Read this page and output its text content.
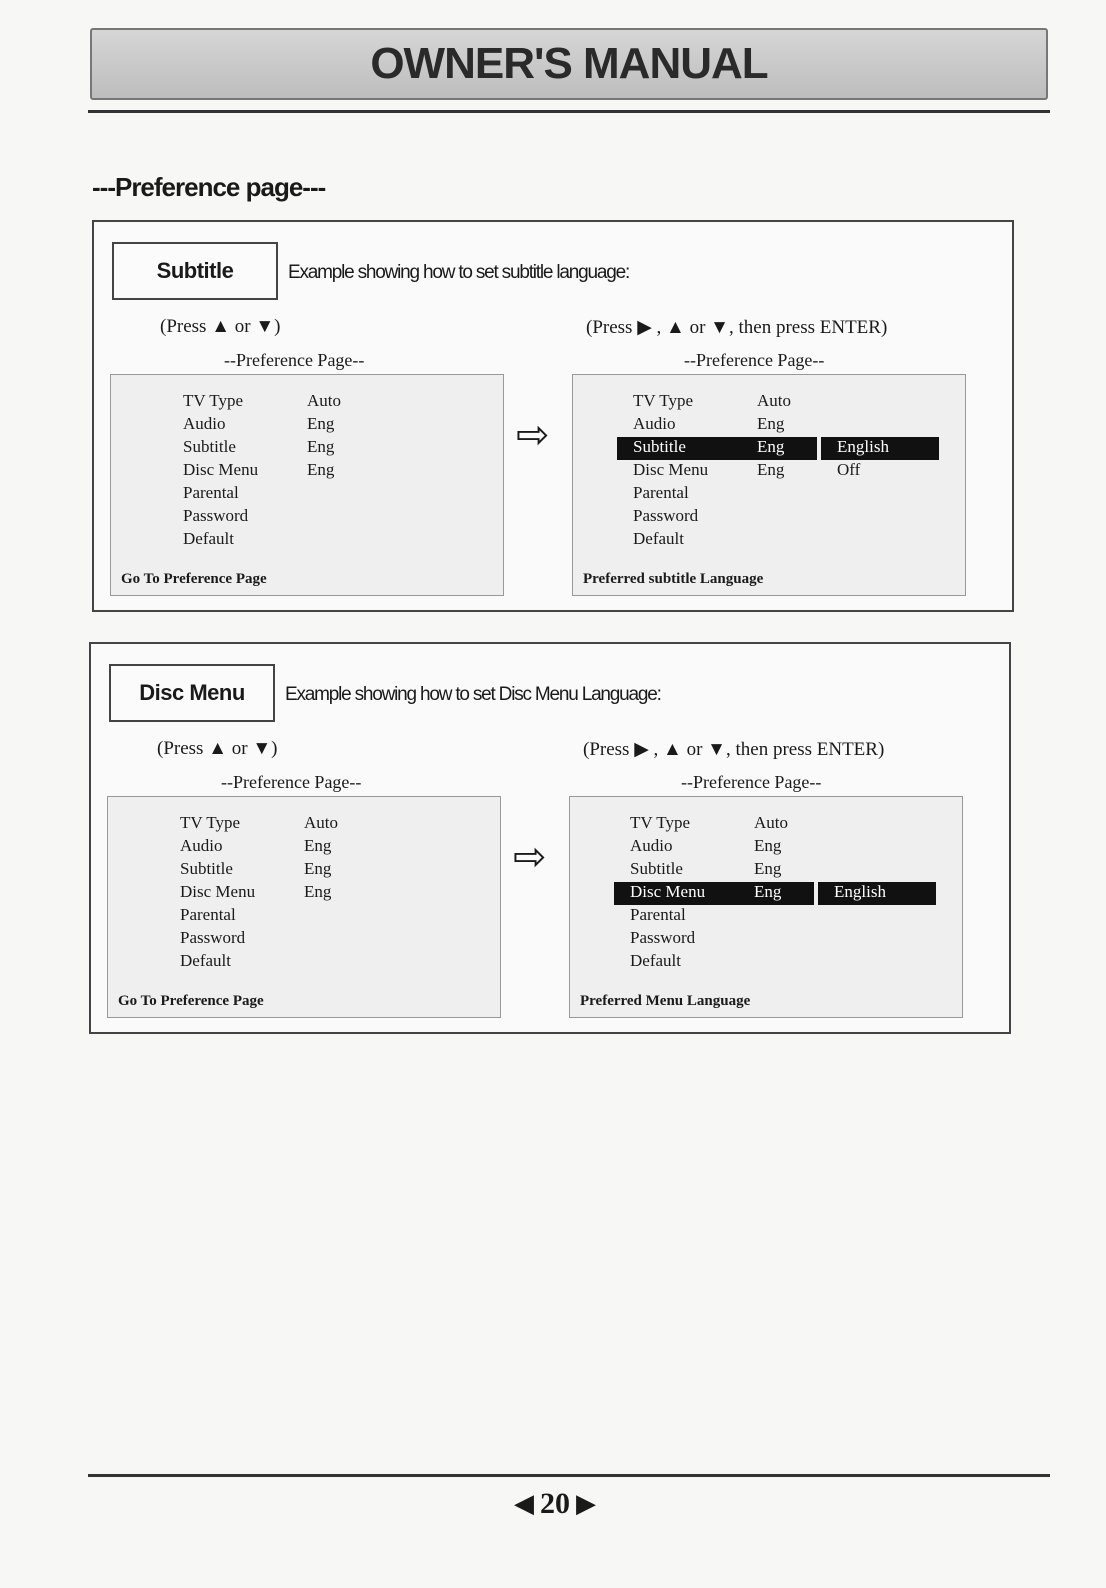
OWNER'S MANUAL
---Preference page---
Subtitle	Example showing how to set subtitle language:
(Press ▲ or ▼)	(Press ▶ , ▲ or ▼, then press ENTER)
--Preference Page--	--Preference Page--
TV Type	Auto
Audio	Eng
Subtitle	Eng
Disc Menu	Eng
Parental
Password
Default
Go To Preference Page
⇨
TV Type	Auto
Audio	Eng
Subtitle	Eng	English
Disc Menu	Eng	Off
Parental
Password
Default
Preferred subtitle Language
Disc Menu	Example showing how to set Disc Menu Language:
(Press ▲ or ▼)	(Press ▶ , ▲ or ▼, then press ENTER)
--Preference Page--	--Preference Page--
TV Type	Auto
Audio	Eng
Subtitle	Eng
Disc Menu	Eng
Parental
Password
Default
Go To Preference Page
⇨
TV Type	Auto
Audio	Eng
Subtitle	Eng
Disc Menu	Eng	English
Parental
Password
Default
Preferred Menu Language
◀ 20 ▶
